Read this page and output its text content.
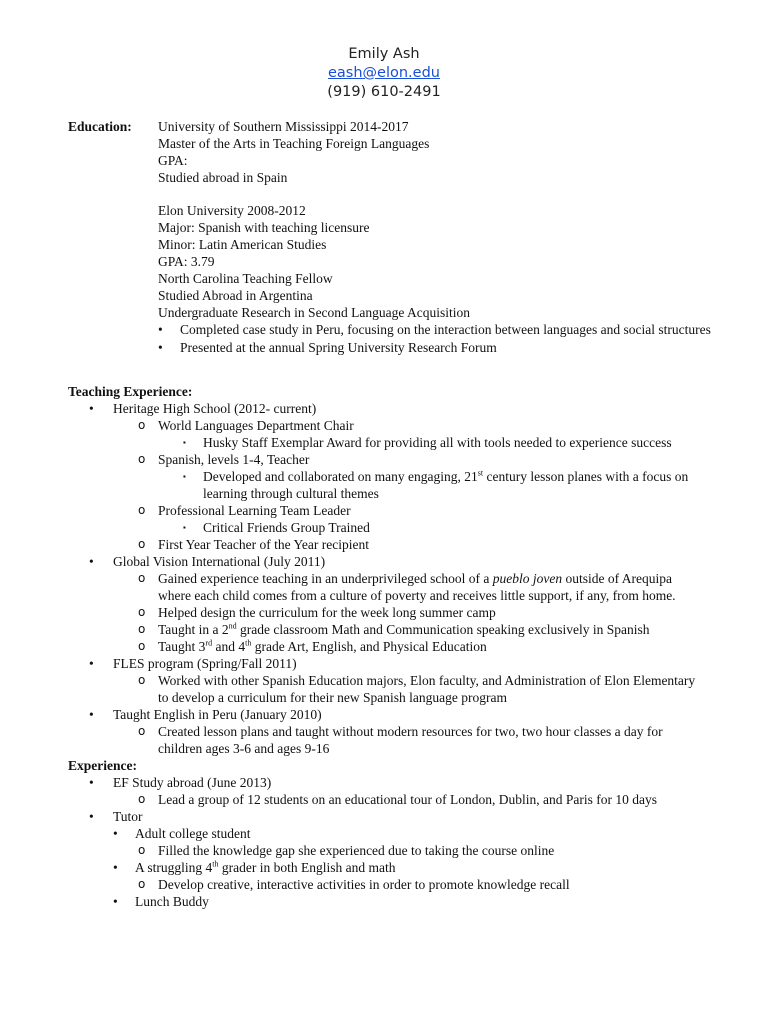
Emily Ash
eash@elon.edu
(919) 610-2491
Education: University of Southern Mississippi 2014-2017
Master of the Arts in Teaching Foreign Languages
GPA:
Studied abroad in Spain
Elon University 2008-2012
Major: Spanish with teaching licensure
Minor: Latin American Studies
GPA: 3.79
North Carolina Teaching Fellow
Studied Abroad in Argentina
Undergraduate Research in Second Language Acquisition
• Completed case study in Peru, focusing on the interaction between languages and social structures
• Presented at the annual Spring University Research Forum
Teaching Experience:
• Heritage High School (2012- current)
o World Languages Department Chair
▪ Husky Staff Exemplar Award for providing all with tools needed to experience success
o Spanish, levels 1-4, Teacher
▪ Developed and collaborated on many engaging, 21st century lesson planes with a focus on learning through cultural themes
o Professional Learning Team Leader
▪ Critical Friends Group Trained
o First Year Teacher of the Year recipient
• Global Vision International (July 2011)
o Gained experience teaching in an underprivileged school of a pueblo joven outside of Arequipa where each child comes from a culture of poverty and receives little support, if any, from home.
o Helped design the curriculum for the week long summer camp
o Taught in a 2nd grade classroom Math and Communication speaking exclusively in Spanish
o Taught 3rd and 4th grade Art, English, and Physical Education
• FLES program (Spring/Fall 2011)
o Worked with other Spanish Education majors, Elon faculty, and Administration of Elon Elementary to develop a curriculum for their new Spanish language program
• Taught English in Peru (January 2010)
o Created lesson plans and taught without modern resources for two, two hour classes a day for children ages 3-6 and ages 9-16
Experience:
• EF Study abroad (June 2013)
o Lead a group of 12 students on an educational tour of London, Dublin, and Paris for 10 days
• Tutor
• Adult college student
o Filled the knowledge gap she experienced due to taking the course online
• A struggling 4th grader in both English and math
o Develop creative, interactive activities in order to promote knowledge recall
• Lunch Buddy
